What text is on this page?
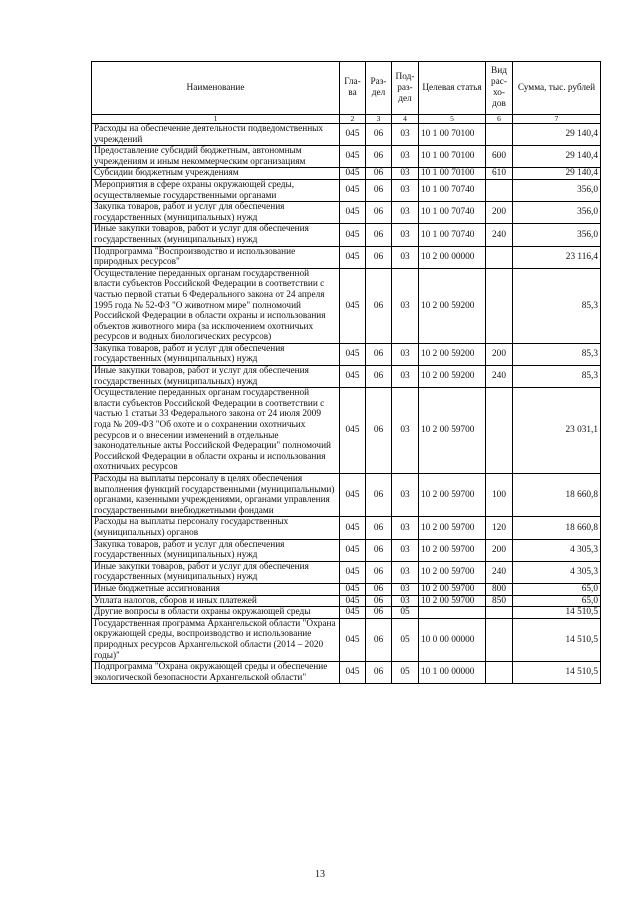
Наименование	Гла-ва	Раз-дел	Под-раз-дел	Целевая статья	Вид рас-хо-дов	Сумма, тыс. рублей
1	2	3	4	5	6	7
Расходы на обеспечение деятельности подведомственных учреждений	045	06	03	10 1 00 70100		29 140,4
Предоставление субсидий бюджетным, автономным учреждениям и иным некоммерческим организациям	045	06	03	10 1 00 70100	600	29 140,4
Субсидии бюджетным учреждениям	045	06	03	10 1 00 70100	610	29 140,4
Мероприятия в сфере охраны окружающей среды, осуществляемые государственными органами	045	06	03	10 1 00 70740		356,0
Закупка товаров, работ и услуг для обеспечения государственных (муниципальных) нужд	045	06	03	10 1 00 70740	200	356,0
Иные закупки товаров, работ и услуг для обеспечения государственных (муниципальных) нужд	045	06	03	10 1 00 70740	240	356,0
Подпрограмма "Воспроизводство и использование природных ресурсов"	045	06	03	10 2 00 00000		23 116,4
Осуществление переданных органам государственной власти субъектов Российской Федерации в соответствии с частью первой статьи 6 Федерального закона от 24 апреля 1995 года № 52-ФЗ "О животном мире" полномочий Российской Федерации в области охраны и использования объектов животного мира (за исключением охотничьих ресурсов и водных биологических ресурсов)	045	06	03	10 2 00 59200		85,3
Закупка товаров, работ и услуг для обеспечения государственных (муниципальных) нужд	045	06	03	10 2 00 59200	200	85,3
Иные закупки товаров, работ и услуг для обеспечения государственных (муниципальных) нужд	045	06	03	10 2 00 59200	240	85,3
Осуществление переданных органам государственной власти субъектов Российской Федерации в соответствии с частью 1 статьи 33 Федерального закона от 24 июля 2009 года № 209-ФЗ "Об охоте и о сохранении охотничьих ресурсов и о внесении изменений в отдельные законодательные акты Российской Федерации" полномочий Российской Федерации в области охраны и использования охотничьих ресурсов	045	06	03	10 2 00 59700		23 031,1
Расходы на выплаты персоналу в целях обеспечения выполнения функций государственными (муниципальными) органами, казенными учреждениями, органами управления государственными внебюджетными фондами	045	06	03	10 2 00 59700	100	18 660,8
Расходы на выплаты персоналу государственных (муниципальных) органов	045	06	03	10 2 00 59700	120	18 660,8
Закупка товаров, работ и услуг для обеспечения государственных (муниципальных) нужд	045	06	03	10 2 00 59700	200	4 305,3
Иные закупки товаров, работ и услуг для обеспечения государственных (муниципальных) нужд	045	06	03	10 2 00 59700	240	4 305,3
Иные бюджетные ассигнования	045	06	03	10 2 00 59700	800	65,0
Уплата налогов, сборов и иных платежей	045	06	03	10 2 00 59700	850	65,0
Другие вопросы в области охраны окружающей среды	045	06	05			14 510,5
Государственная программа Архангельской области "Охрана окружающей среды, воспроизводство и использование природных ресурсов Архангельской области (2014 – 2020 годы)"	045	06	05	10 0 00 00000		14 510,5
Подпрограмма "Охрана окружающей среды и обеспечение экологической безопасности Архангельской области"	045	06	05	10 1 00 00000		14 510,5
13
